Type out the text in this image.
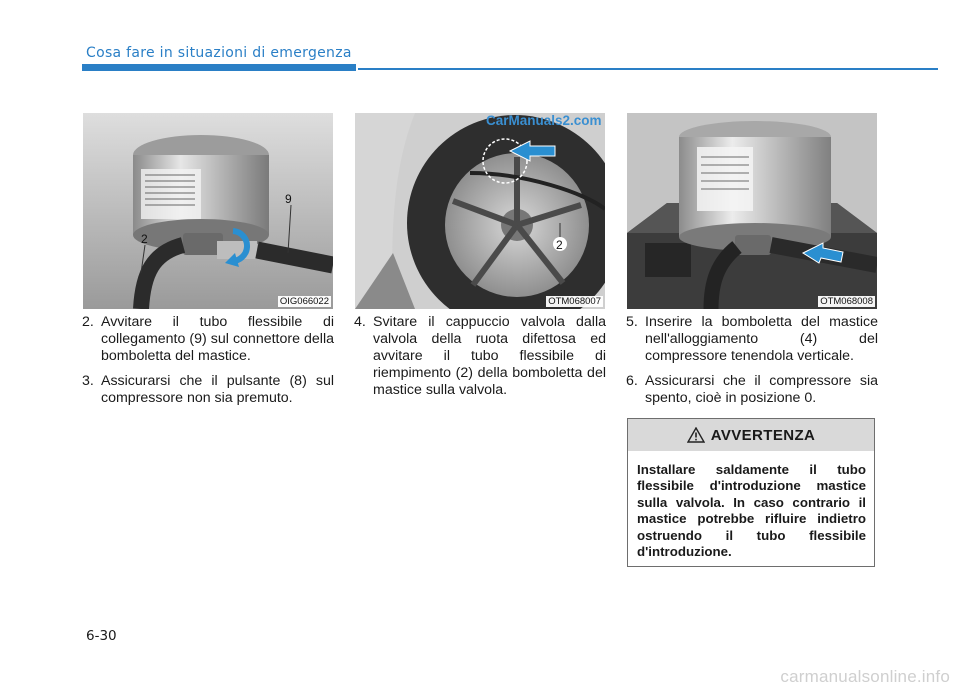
Cosa fare in situazioni di emergenza
2
9
OIG066022
2
OTM068007
CarManuals2.com
OTM068008
2. Avvitare il tubo flessibile di collegamento (9) sul connettore della bomboletta del mastice.
3. Assicurarsi che il pulsante (8) sul compressore non sia premuto.
4. Svitare il cappuccio valvola dalla valvola della ruota difettosa ed avvitare il tubo flessibile di riempimento (2) della bomboletta del mastice sulla valvola.
5. Inserire la bomboletta del mastice nell'alloggiamento (4) del compressore tenendola verticale.
6. Assicurarsi che il compressore sia spento, cioè in posizione 0.
AVVERTENZA
Installare saldamente il tubo flessibile d'introduzione mastice sulla valvola. In caso contrario il mastice potrebbe rifluire indietro ostruendo il tubo flessibile d'introduzione.
6-30
carmanualsonline.info
